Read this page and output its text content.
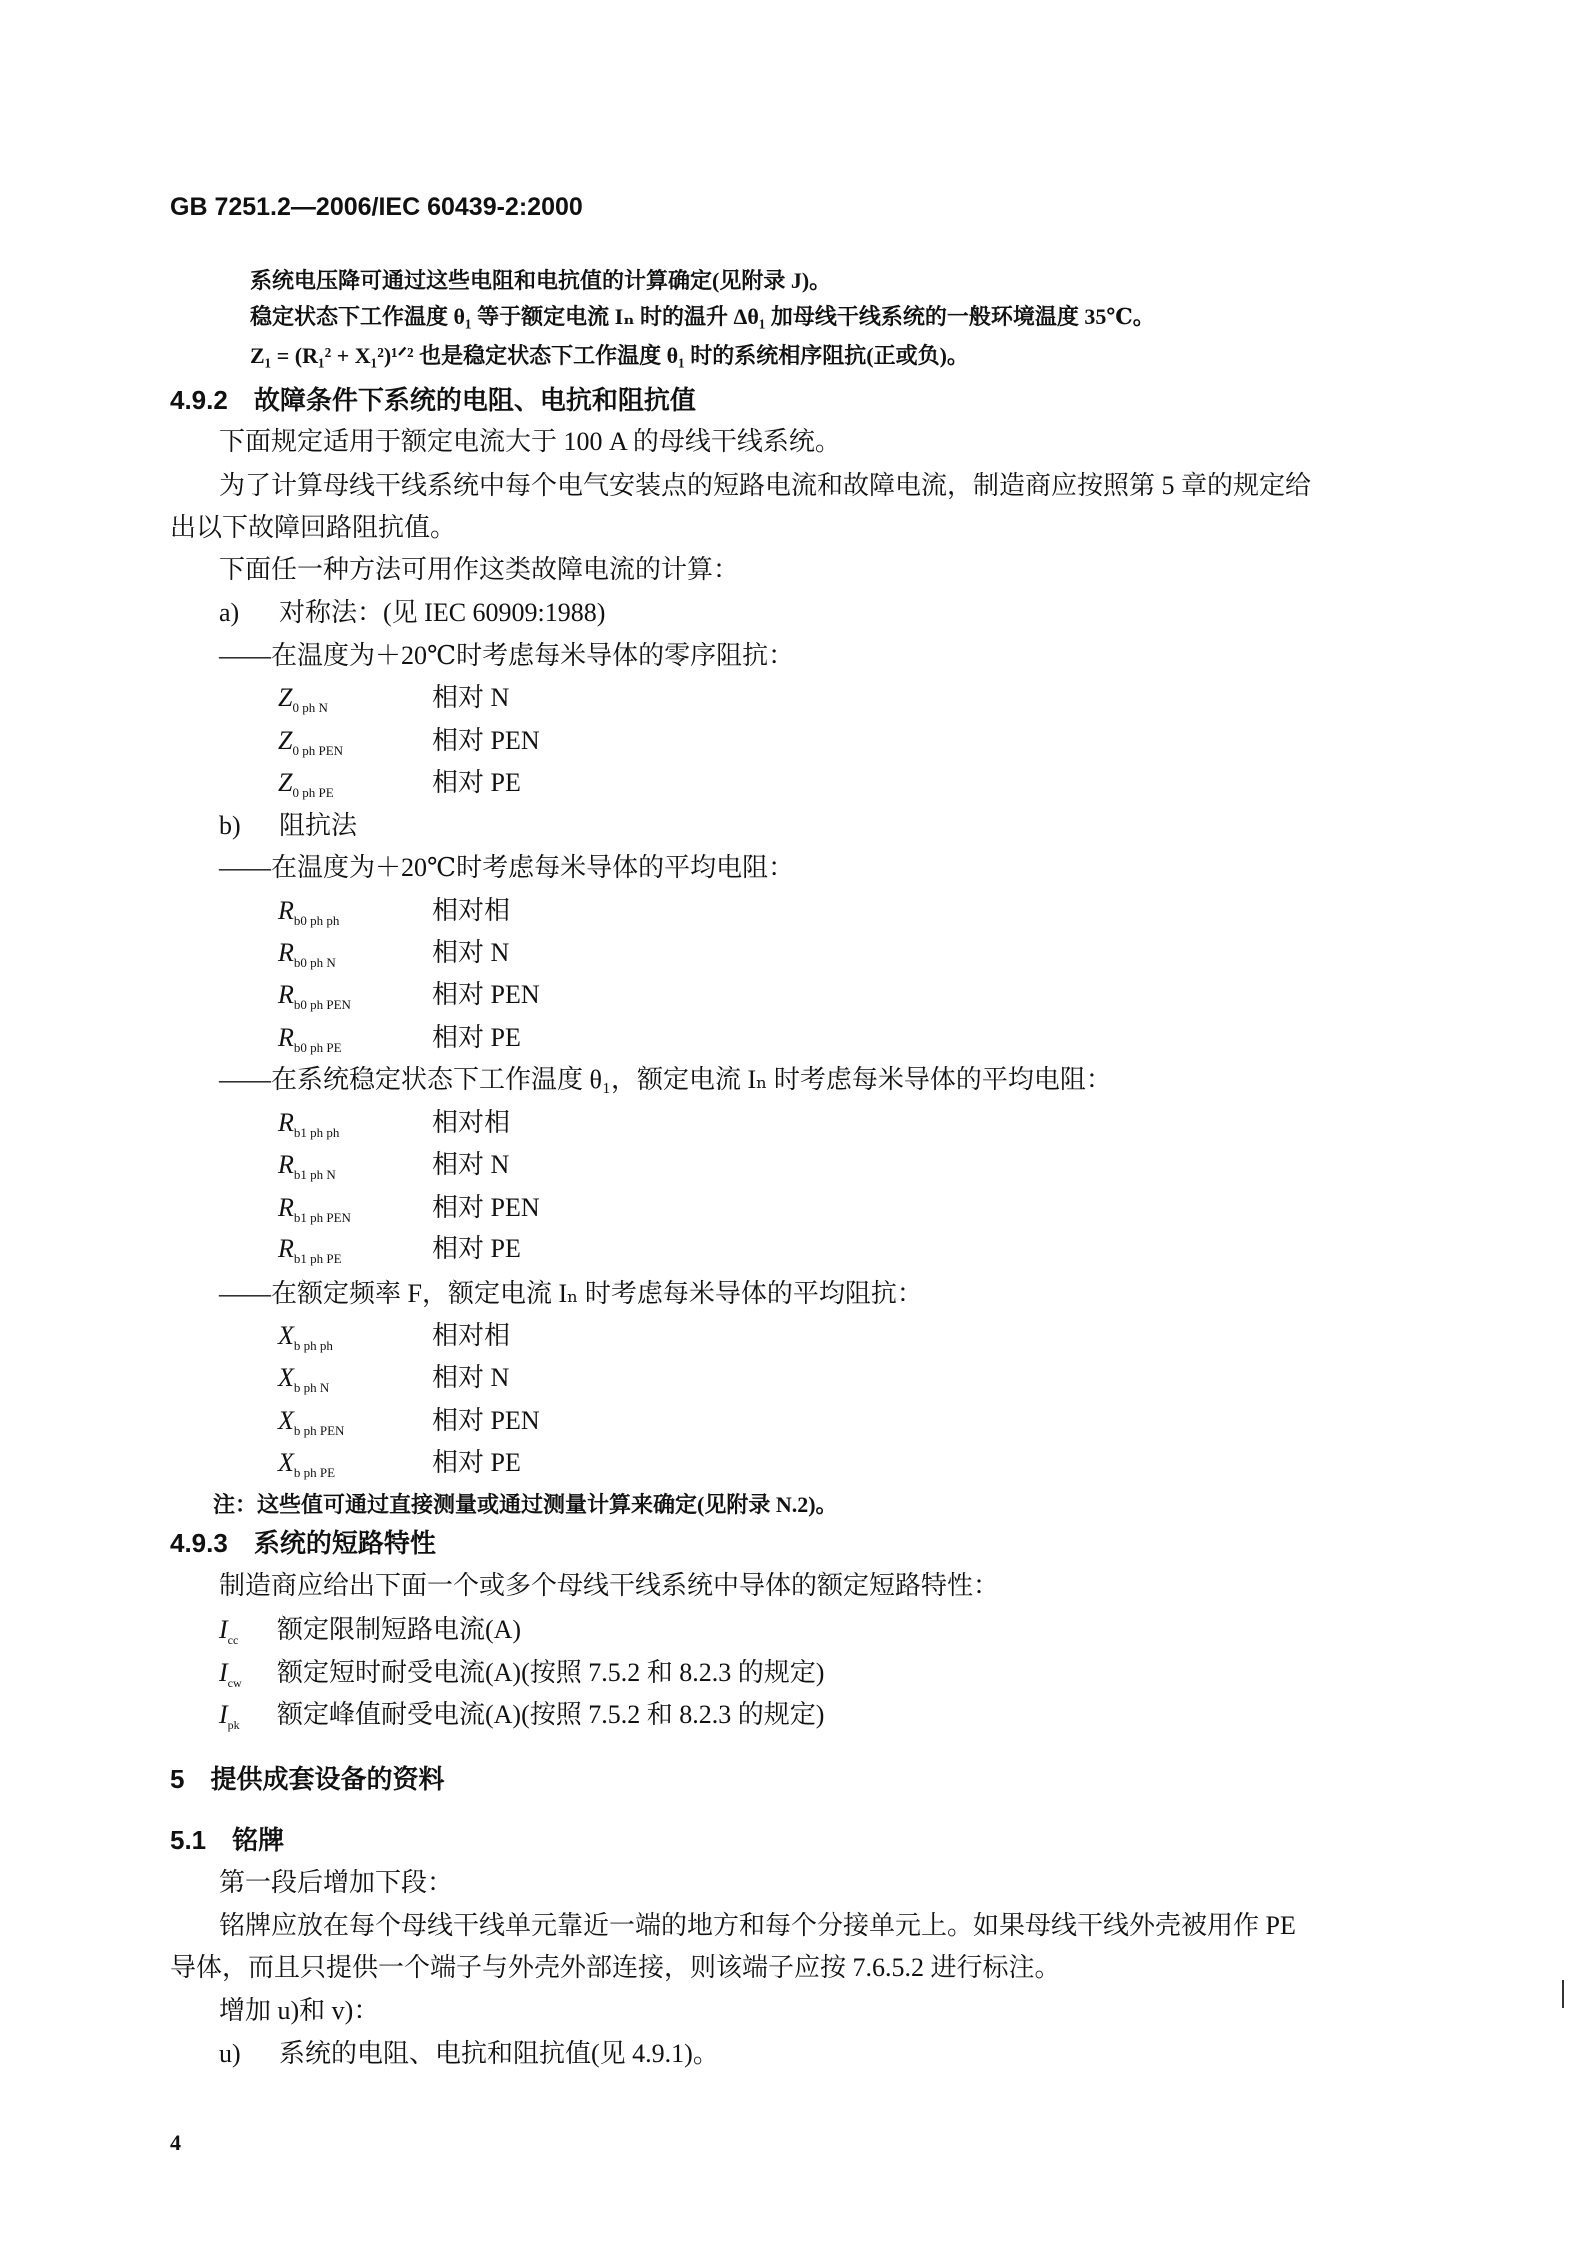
GB 7251.2—2006/IEC 60439-2:2000
系统电压降可通过这些电阻和电抗值的计算确定(见附录 J)。
稳定状态下工作温度 θ₁ 等于额定电流 Iₙ 时的温升 Δθ₁ 加母线干线系统的一般环境温度 35℃。
Z₁ = (R₁² + X₁²)¹ᐟ² 也是稳定状态下工作温度 θ₁ 时的系统相序阻抗(正或负)。
4.9.2　故障条件下系统的电阻、电抗和阻抗值
下面规定适用于额定电流大于 100 A 的母线干线系统。
为了计算母线干线系统中每个电气安装点的短路电流和故障电流，制造商应按照第 5 章的规定给
出以下故障回路阻抗值。
下面任一种方法可用作这类故障电流的计算：
a) 对称法：(见 IEC 60909:1988)
——在温度为＋20℃时考虑每米导体的零序阻抗：
$Z_{0 ph N}$	相对 N
$Z_{0 ph PEN}$	相对 PEN
$Z_{0 ph PE}$	相对 PE
b) 阻抗法
——在温度为＋20℃时考虑每米导体的平均电阻：
$R_{b0 ph ph}$	相对相
$R_{b0 ph N}$	相对 N
$R_{b0 ph PEN}$	相对 PEN
$R_{b0 ph PE}$	相对 PE
——在系统稳定状态下工作温度 θ₁，额定电流 Iₙ 时考虑每米导体的平均电阻：
$R_{b1 ph ph}$	相对相
$R_{b1 ph N}$	相对 N
$R_{b1 ph PEN}$	相对 PEN
$R_{b1 ph PE}$	相对 PE
——在额定频率 F，额定电流 Iₙ 时考虑每米导体的平均阻抗：
$X_{b ph ph}$	相对相
$X_{b ph N}$	相对 N
$X_{b ph PEN}$	相对 PEN
$X_{b ph PE}$	相对 PE
注：这些值可通过直接测量或通过测量计算来确定(见附录 N.2)。
4.9.3　系统的短路特性
制造商应给出下面一个或多个母线干线系统中导体的额定短路特性：
$I_{cc}$ 额定限制短路电流(A)
$I_{cw}$ 额定短时耐受电流(A)(按照 7.5.2 和 8.2.3 的规定)
$I_{pk}$ 额定峰值耐受电流(A)(按照 7.5.2 和 8.2.3 的规定)
5　提供成套设备的资料
5.1　铭牌
第一段后增加下段：
铭牌应放在每个母线干线单元靠近一端的地方和每个分接单元上。如果母线干线外壳被用作 PE
导体，而且只提供一个端子与外壳外部连接，则该端子应按 7.6.5.2 进行标注。
增加 u)和 v)：
u) 系统的电阻、电抗和阻抗值(见 4.9.1)。
4
